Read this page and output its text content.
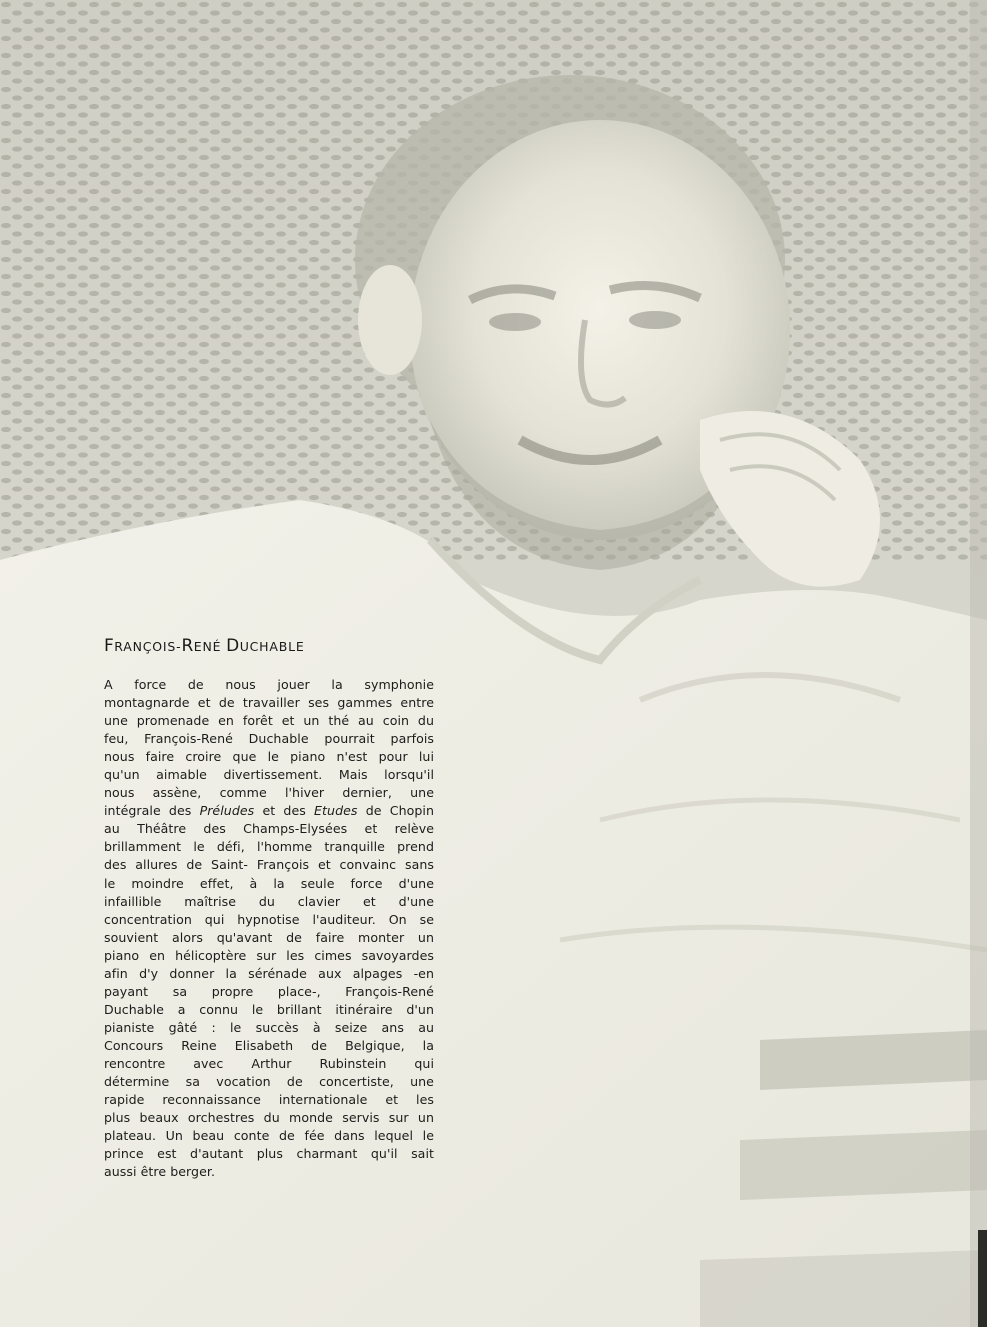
FRANÇOIS-RENÉ DUCHABLE
A force de nous jouer la symphonie
montagnarde et de travailler ses gammes entre
une promenade en forêt et un thé au coin du
feu, François-René Duchable pourrait parfois
nous faire croire que le piano n'est pour lui
qu'un aimable divertissement. Mais lorsqu'il
nous assène, comme l'hiver dernier, une
intégrale des Préludes et des Etudes de Chopin
au Théâtre des Champs-Elysées et relève
brillamment le défi, l'homme tranquille prend
des allures de Saint- François et convainc sans
le moindre effet, à la seule force d'une
infaillible maîtrise du clavier et d'une
concentration qui hypnotise l'auditeur. On se
souvient alors qu'avant de faire monter un
piano en hélicoptère sur les cimes savoyardes
afin d'y donner la sérénade aux alpages -en
payant sa propre place-, François-René
Duchable a connu le brillant itinéraire d'un
pianiste gâté : le succès à seize ans au
Concours Reine Elisabeth de Belgique, la
rencontre avec Arthur Rubinstein qui
détermine sa vocation de concertiste, une
rapide reconnaissance internationale et les
plus beaux orchestres du monde servis sur un
plateau. Un beau conte de fée dans lequel le
prince est d'autant plus charmant qu'il sait
aussi être berger.
